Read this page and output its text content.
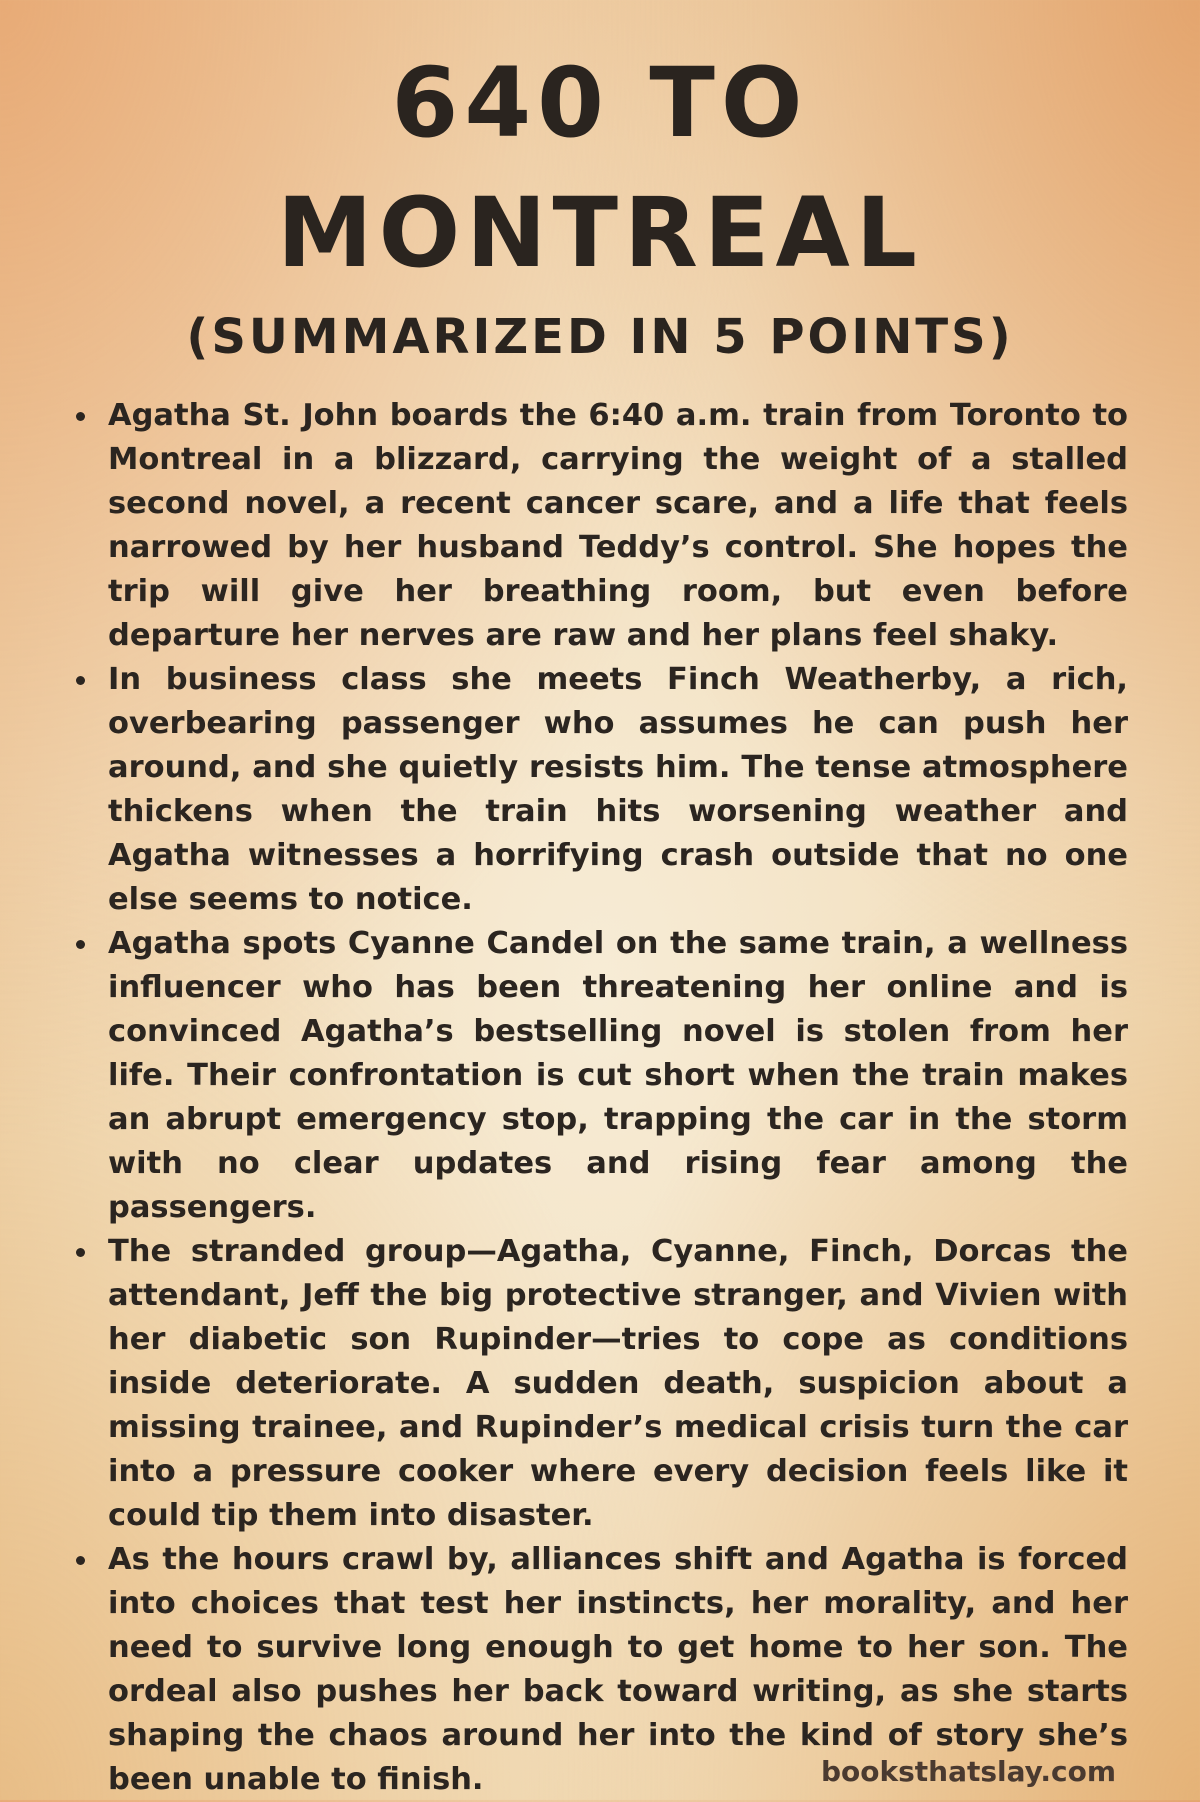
640 TO
MONTREAL
(SUMMARIZED IN 5 POINTS)
Agatha St. John boards the 6:40 a.m. train from Toronto to Montreal in a blizzard, carrying the weight of a stalled second novel, a recent cancer scare, and a life that feels narrowed by her husband Teddy’s control. She hopes the trip will give her breathing room, but even before departure her nerves are raw and her plans feel shaky.
In business class she meets Finch Weatherby, a rich, overbearing passenger who assumes he can push her around, and she quietly resists him. The tense atmosphere thickens when the train hits worsening weather and Agatha witnesses a horrifying crash outside that no one else seems to notice.
Agatha spots Cyanne Candel on the same train, a wellness influencer who has been threatening her online and is convinced Agatha’s bestselling novel is stolen from her life. Their confrontation is cut short when the train makes an abrupt emergency stop, trapping the car in the storm with no clear updates and rising fear among the passengers.
The stranded group—Agatha, Cyanne, Finch, Dorcas the attendant, Jeff the big protective stranger, and Vivien with her diabetic son Rupinder—tries to cope as conditions inside deteriorate. A sudden death, suspicion about a missing trainee, and Rupinder’s medical crisis turn the car into a pressure cooker where every decision feels like it could tip them into disaster.
As the hours crawl by, alliances shift and Agatha is forced into choices that test her instincts, her morality, and her need to survive long enough to get home to her son. The ordeal also pushes her back toward writing, as she starts shaping the chaos around her into the kind of story she’s been unable to finish.	booksthatslay.com
